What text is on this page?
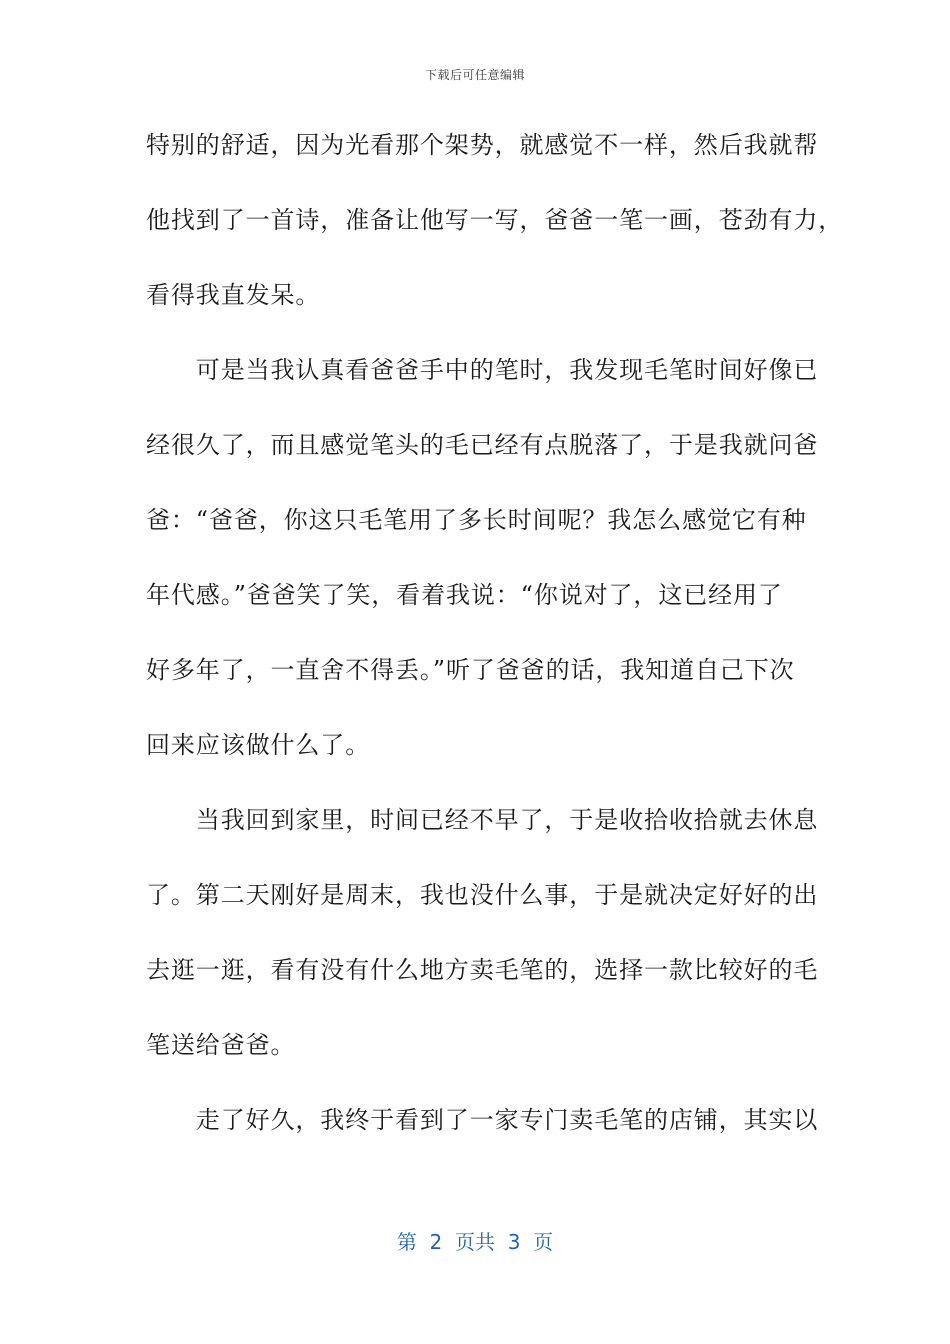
下载后可任意编辑
特别的舒适，因为光看那个架势，就感觉不一样，然后我就帮
他找到了一首诗，准备让他写一写，爸爸一笔一画，苍劲有力，
看得我直发呆。
　　可是当我认真看爸爸手中的笔时，我发现毛笔时间好像已
经很久了，而且感觉笔头的毛已经有点脱落了，于是我就问爸
爸：“爸爸，你这只毛笔用了多长时间呢？我怎么感觉它有种
年代感。”爸爸笑了笑，看着我说：“你说对了，这已经用了
好多年了，一直舍不得丢。”听了爸爸的话，我知道自己下次
回来应该做什么了。
　　当我回到家里，时间已经不早了，于是收拾收拾就去休息
了。第二天刚好是周末，我也没什么事，于是就决定好好的出
去逛一逛，看有没有什么地方卖毛笔的，选择一款比较好的毛
笔送给爸爸。
　　走了好久，我终于看到了一家专门卖毛笔的店铺，其实以
第  2  页共  3  页
